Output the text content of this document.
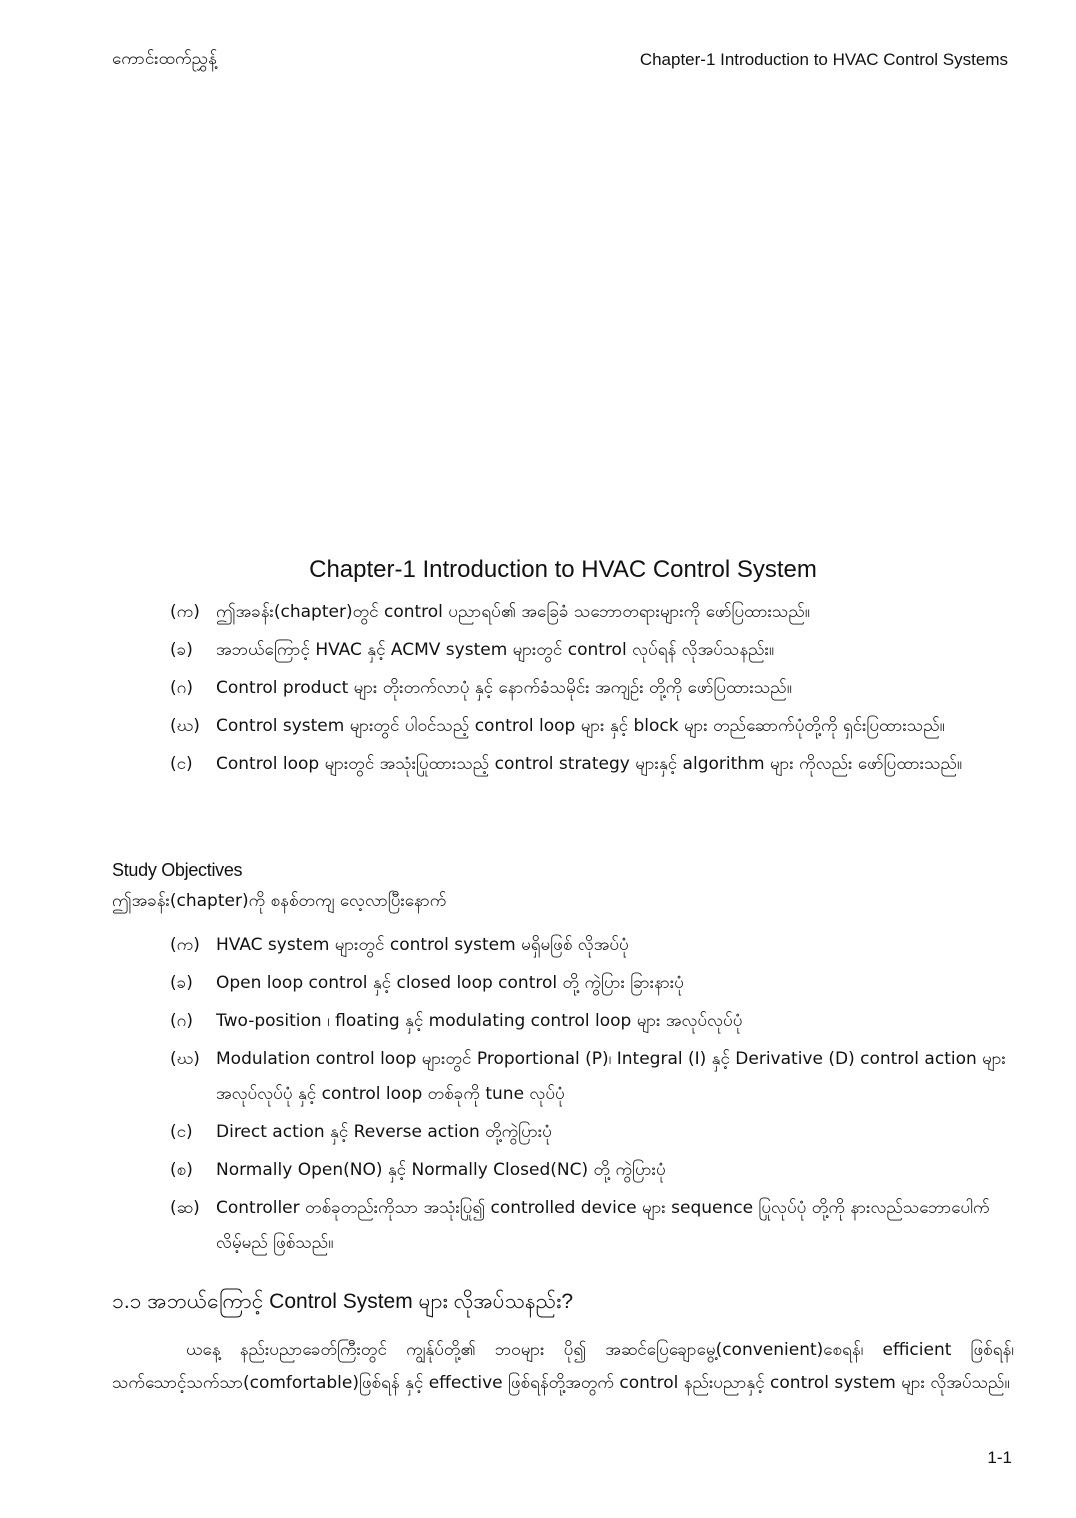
ကောင်းထက်ညွှန့်	Chapter-1 Introduction to HVAC Control Systems
Chapter-1 Introduction to HVAC Control System
(က) ဤအခန်း(chapter)တွင် control ပညာရပ်၏ အခြေခံ သဘောတရားများကို ဖော်ပြထားသည်။
(ခ)	အဘယ်ကြောင့် HVAC နှင့် ACMV system များတွင် control လုပ်ရန် လိုအပ်သနည်း။
(ဂ)	Control product များ တိုးတက်လာပုံ နှင့် နောက်ခံသမိုင်း အကျဉ်း တို့ကို ဖော်ပြထားသည်။
(ဃ) Control system များတွင် ပါဝင်သည့် control loop များ နှင့် block များ တည်ဆောက်ပုံတို့ကို ရှင်းပြထားသည်။
(င)	Control loop များတွင် အသုံးပြုထားသည့် control strategy များနှင့် algorithm များ ကိုလည်း ဖော်ပြထားသည်။
Study Objectives
ဤအခန်း(chapter)ကို စနစ်တကျ လေ့လာပြီးနောက်
(က) HVAC system များတွင် control system မရှိမဖြစ် လိုအပ်ပုံ
(ခ)	Open loop control နှင့် closed loop control တို့ ကွဲပြား ခြားနားပုံ
(ဂ)	Two-position ၊ floating နှင့် modulating control loop များ အလုပ်လုပ်ပုံ
(ဃ) Modulation control loop များတွင် Proportional (P)၊ Integral (I) နှင့် Derivative (D) control action များ အလုပ်လုပ်ပုံ နှင့် control loop တစ်ခုကို tune လုပ်ပုံ
(င)	Direct action နှင့် Reverse action တို့ကွဲပြားပုံ
(စ)	Normally Open(NO) နှင့် Normally Closed(NC) တို့ ကွဲပြားပုံ
(ဆ) Controller တစ်ခုတည်းကိုသာ အသုံးပြု၍ controlled device များ sequence ပြုလုပ်ပုံ တို့ကို နားလည်သဘောပေါက်လိမ့်မည် ဖြစ်သည်။
၁.၁ အဘယ်ကြောင့် Control System များ လိုအပ်သနည်း?

ယနေ့ နည်းပညာခေတ်ကြီးတွင် ကျွန်ုပ်တို့၏ ဘဝများ ပို၍ အဆင်ပြေချောမွေ့(convenient)စေရန်၊ efficient ဖြစ်ရန်၊ သက်သောင့်သက်သာ(comfortable)ဖြစ်ရန် နှင့် effective ဖြစ်ရန်တို့အတွက် control နည်းပညာနှင့် control system များ လိုအပ်သည်။

1-1
